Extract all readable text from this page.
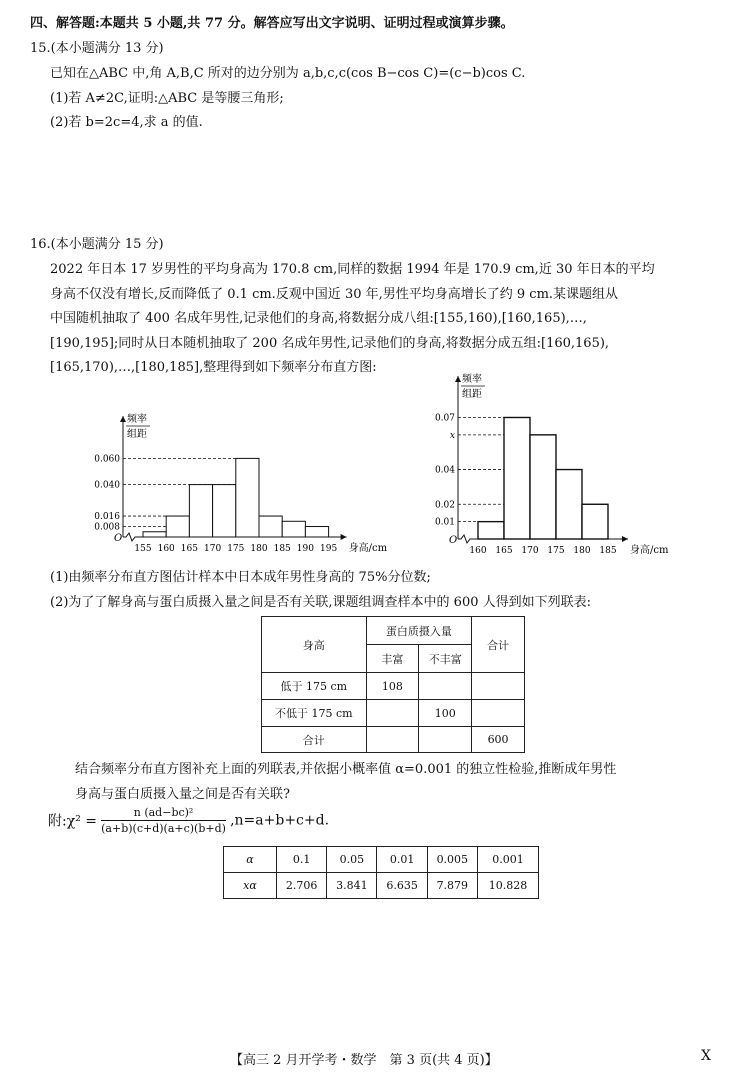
四、解答题:本题共 5 小题,共 77 分。解答应写出文字说明、证明过程或演算步骤。
15.(本小题满分 13 分)
已知在△ABC 中,角 A,B,C 所对的边分别为 a,b,c,c(cos B−cos C)=(c−b)cos C.
(1)若 A≠2C,证明:△ABC 是等腰三角形;
(2)若 b=2c=4,求 a 的值.
16.(本小题满分 15 分)
2022 年日本 17 岁男性的平均身高为 170.8 cm,同样的数据 1994 年是 170.9 cm,近 30 年日本的平均
身高不仅没有增长,反而降低了 0.1 cm.反观中国近 30 年,男性平均身高增长了约 9 cm.某课题组从
中国随机抽取了 400 名成年男性,记录他们的身高,将数据分成八组:[155,160),[160,165),…,
[190,195];同时从日本随机抽取了 200 名成年男性,记录他们的身高,将数据分成五组:[160,165),
[165,170),…,[180,185],整理得到如下频率分布直方图:
O
频率
组距
0.008
0.016
0.040
0.060
155 160 165 170 175 180 185 190 195 身高/cm
O
频率
组距
0.01
0.02
0.04
x
0.07
160 165 170 175 180 185 身高/cm
(1)由频率分布直方图估计样本中日本成年男性身高的 75%分位数;
(2)为了了解身高与蛋白质摄入量之间是否有关联,课题组调查样本中的 600 人得到如下列联表:
身高	蛋白质摄入量		合计
	丰富	不丰富	
低于 175 cm	108		
不低于 175 cm		100	
合计			600
结合频率分布直方图补充上面的列联表,并依据小概率值 α=0.001 的独立性检验,推断成年男性
身高与蛋白质摄入量之间是否有关联?
附:χ² = $\frac{\text{n (ad−bc)²}}{(a+b)(c+d)(a+c)(b+d)} ,n=a+b+c+d$.
α	0.1	0.05	0.01	0.005	0.001
xα	2.706	3.841	6.635	7.879	10.828
【高三 2 月开学考・数学　第 3 页(共 4 页)】	X
